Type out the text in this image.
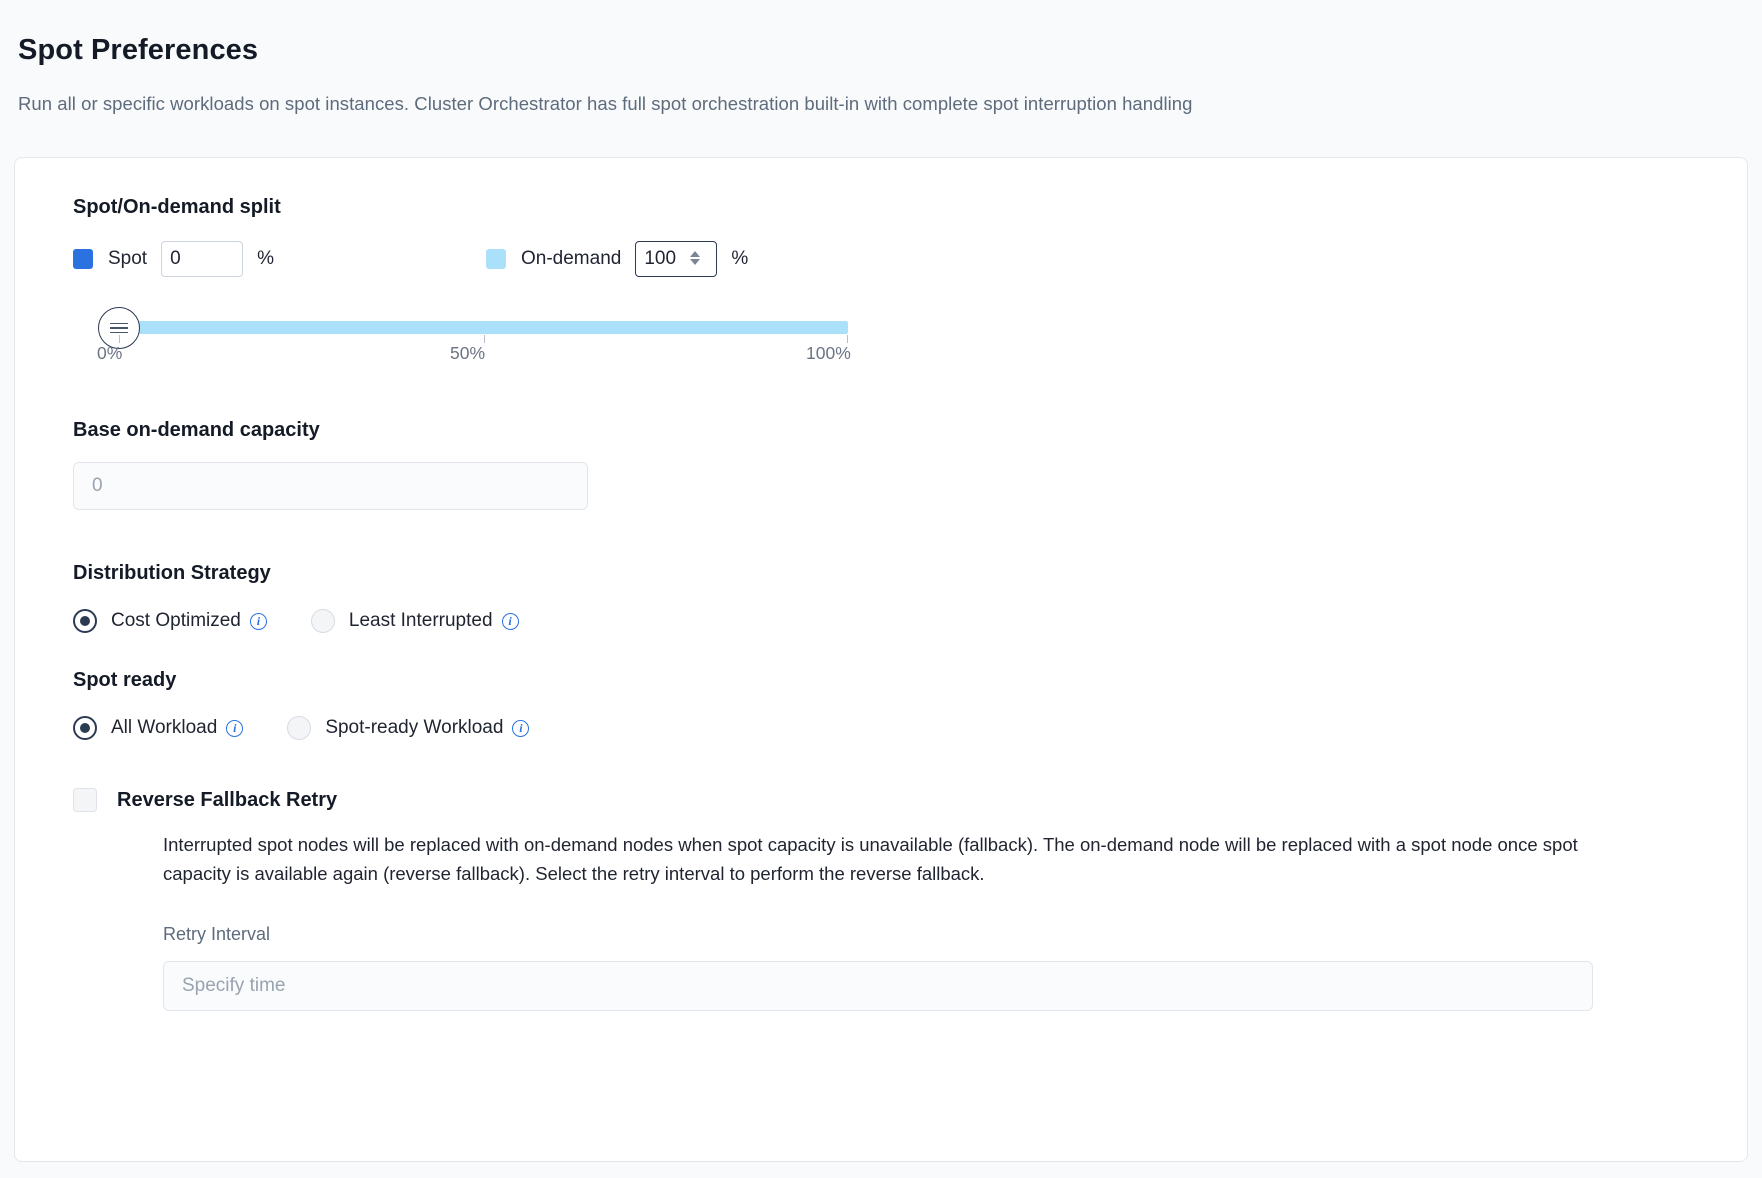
Spot Preferences
Run all or specific workloads on spot instances. Cluster Orchestrator has full spot orchestration built-in with complete spot interruption handling
Spot/On-demand split
Spot
0	%	On-demand
100	%
0%	50%	100%
Base on-demand capacity
0
Distribution Strategy
Cost Optimized	i	Least Interrupted	i
Spot ready
All Workload	i	Spot-ready Workload	i
Reverse Fallback Retry
Interrupted spot nodes will be replaced with on-demand nodes when spot capacity is unavailable (fallback). The on-demand node will be replaced with a spot node once spot capacity is available again (reverse fallback). Select the retry interval to perform the reverse fallback.
Retry Interval
Specify time
